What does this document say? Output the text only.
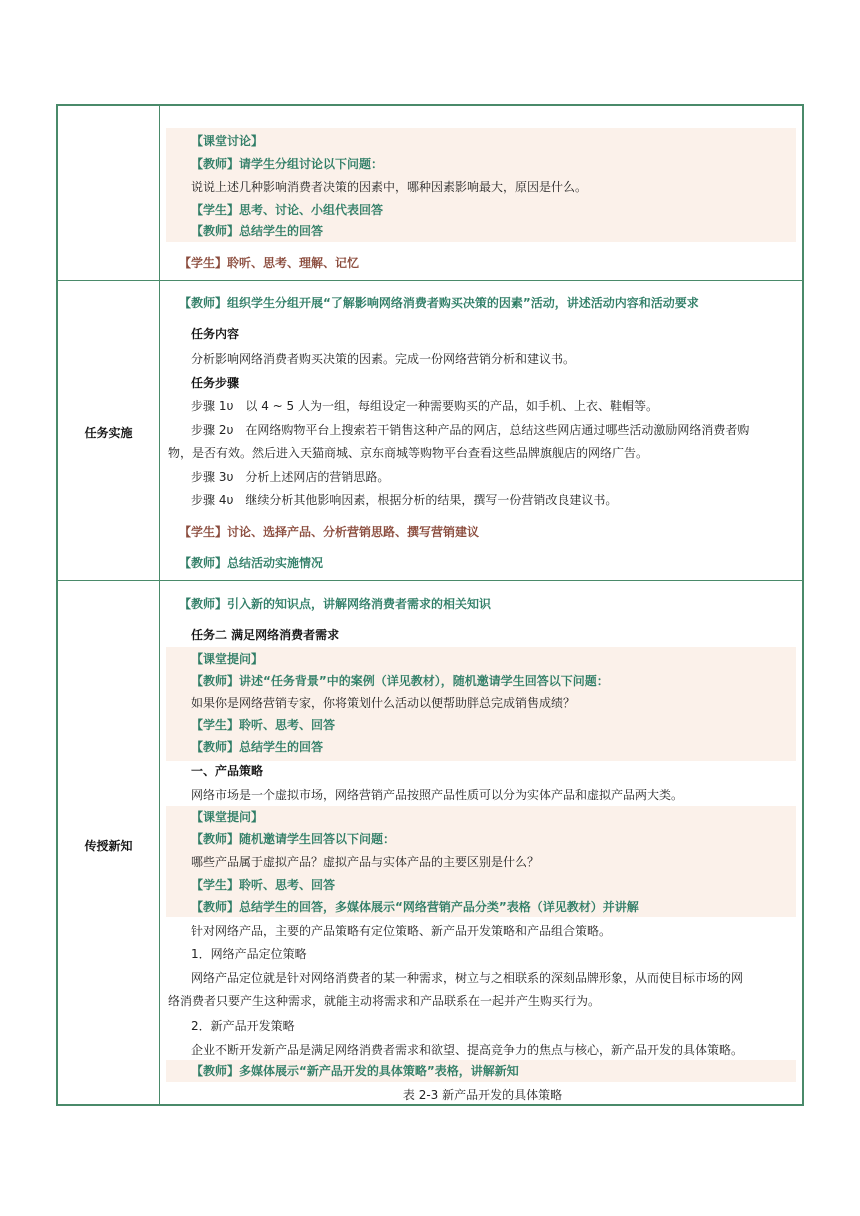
任务实施
传授新知
【课堂讨论】
【教师】请学生分组讨论以下问题：
说说上述几种影响消费者决策的因素中，哪种因素影响最大，原因是什么。
【学生】思考、讨论、小组代表回答
【教师】总结学生的回答
【学生】聆听、思考、理解、记忆
【教师】组织学生分组开展“了解影响网络消费者购买决策的因素”活动，讲述活动内容和活动要求
任务内容
分析影响网络消费者购买决策的因素。完成一份网络营销分析和建议书。
任务步骤
步骤 1υ　以 4 ~ 5 人为一组，每组设定一种需要购买的产品，如手机、上衣、鞋帽等。
步骤 2υ　在网络购物平台上搜索若干销售这种产品的网店，总结这些网店通过哪些活动激励网络消费者购
物，是否有效。然后进入天猫商城、京东商城等购物平台查看这些品牌旗舰店的网络广告。
步骤 3υ　分析上述网店的营销思路。
步骤 4υ　继续分析其他影响因素，根据分析的结果，撰写一份营销改良建议书。
【学生】讨论、选择产品、分析营销思路、撰写营销建议
【教师】总结活动实施情况
【教师】引入新的知识点，讲解网络消费者需求的相关知识
任务二 满足网络消费者需求
【课堂提问】
【教师】讲述“任务背景”中的案例（详见教材），随机邀请学生回答以下问题：
如果你是网络营销专家，你将策划什么活动以便帮助胖总完成销售成绩？
【学生】聆听、思考、回答
【教师】总结学生的回答
一、产品策略
网络市场是一个虚拟市场，网络营销产品按照产品性质可以分为实体产品和虚拟产品两大类。
【课堂提问】
【教师】随机邀请学生回答以下问题：
哪些产品属于虚拟产品？虚拟产品与实体产品的主要区别是什么？
【学生】聆听、思考、回答
【教师】总结学生的回答，多媒体展示“网络营销产品分类”表格（详见教材）并讲解
针对网络产品，主要的产品策略有定位策略、新产品开发策略和产品组合策略。
1．网络产品定位策略
网络产品定位就是针对网络消费者的某一种需求，树立与之相联系的深刻品牌形象，从而使目标市场的网
络消费者只要产生这种需求，就能主动将需求和产品联系在一起并产生购买行为。
2．新产品开发策略
企业不断开发新产品是满足网络消费者需求和欲望、提高竞争力的焦点与核心，新产品开发的具体策略。
【教师】多媒体展示“新产品开发的具体策略”表格，讲解新知
表 2-3 新产品开发的具体策略
